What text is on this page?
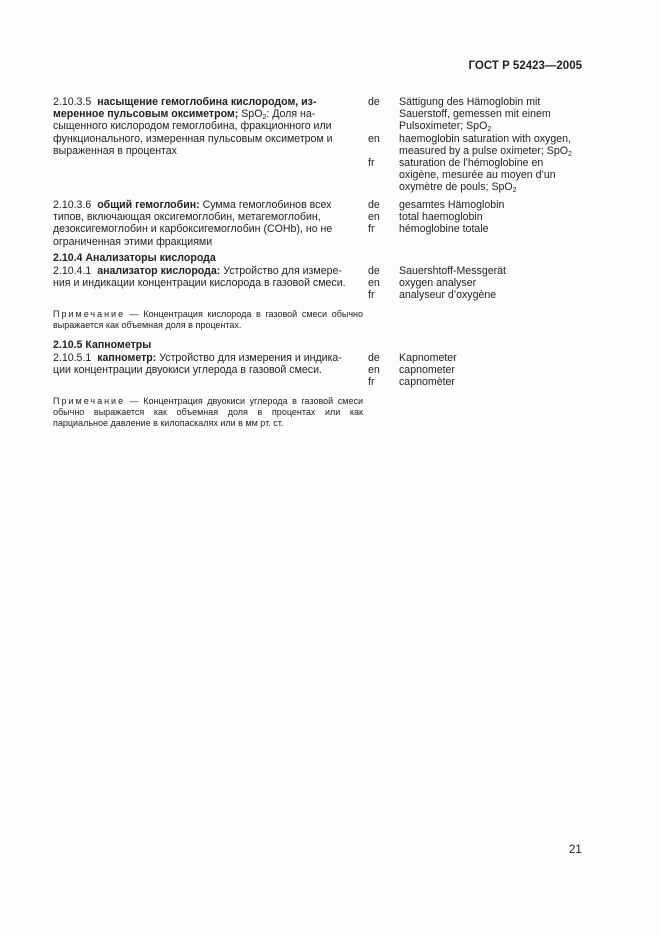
ГОСТ Р 52423—2005
2.10.3.5 насыщение гемоглобина кислородом, из-
меренное пульсовым оксиметром; SpO$_2$: Доля на-
сыщенного кислородом гемоглобина, фракционного или
функционального, измеренная пульсовым оксиметром и
выраженная в процентах
de	Sättigung des Hämoglobin mit
Sauerstoff, gemessen mit einem
Pulsoximeter; SpO$_2$
en	haemoglobin saturation with oxygen,
measured by a pulse oximeter; SpO$_2$
fr	saturation de l’hémoglobine en
oxigène, mesurée au moyen d’un
oxymètre de pouls; SpO$_2$
2.10.3.6 общий гемоглобин: Сумма гемоглобинов всех
типов, включающая оксигемоглобин, метагемоглобин,
дезоксигемоглобин и карбоксигемоглобин (COHb), но не
ограниченная этими фракциями
de	gesamtes Hämoglobin
en	total haemoglobin
fr	hémoglobine totale
2.10.4 Анализаторы кислорода
2.10.4.1 анализатор кислорода: Устройство для измере-
ния и индикации концентрации кислорода в газовой смеси.
de	Sauershtoff-Messgerät
en	oxygen analyser
fr	analyseur d’oxygène
Примечание — Концентрация кислорода в газовой смеси обычно выражается как объемная доля в процентах.
2.10.5 Капнометры
2.10.5.1 капнометр: Устройство для измерения и индика-
ции концентрации двуокиси углерода в газовой смеси.
de	Kapnometer
en	capnometer
fr	capnomèter
Примечание — Концентрация двуокиси углерода в газовой смеси обычно выражается как объемная доля в процентах или как парциальное давление в килопаскалях или в мм рт. ст.
21
